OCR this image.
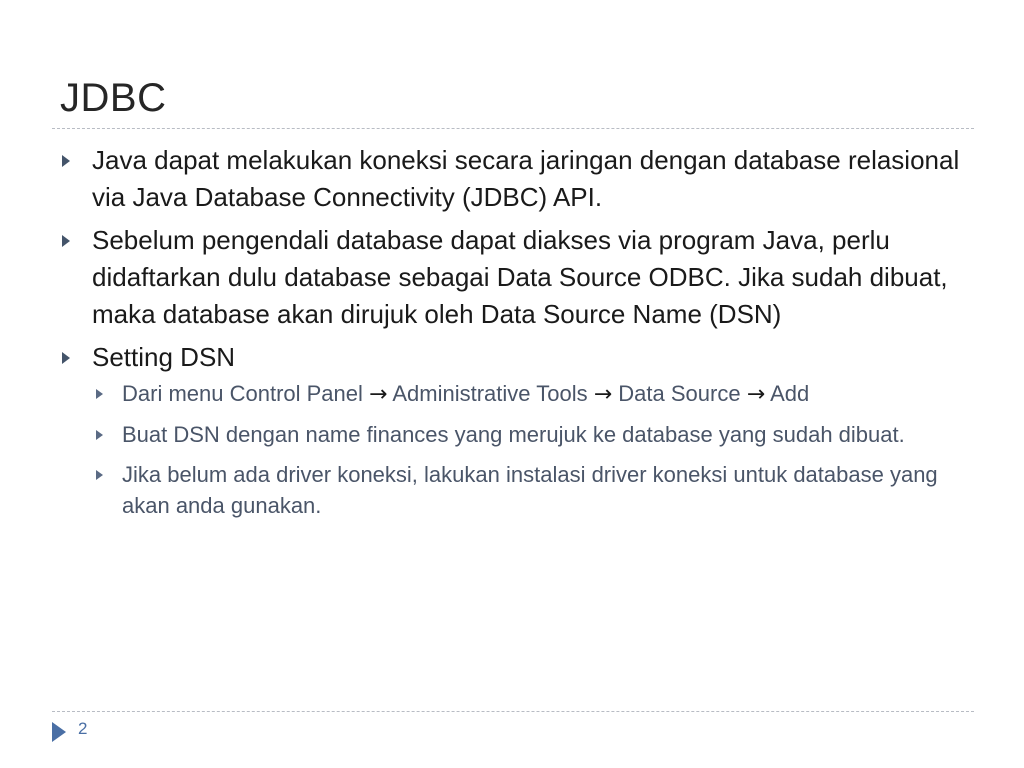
JDBC
Java dapat melakukan koneksi secara jaringan dengan database relasional via Java Database Connectivity (JDBC) API.
Sebelum pengendali database dapat diakses via program Java, perlu didaftarkan dulu database sebagai Data Source ODBC. Jika sudah dibuat, maka database akan dirujuk oleh Data Source Name (DSN)
Setting DSN
Dari menu Control Panel → Administrative Tools → Data Source → Add
Buat DSN dengan name finances yang merujuk ke database yang sudah dibuat.
Jika belum ada driver koneksi, lakukan instalasi driver koneksi untuk database yang akan anda gunakan.
2
